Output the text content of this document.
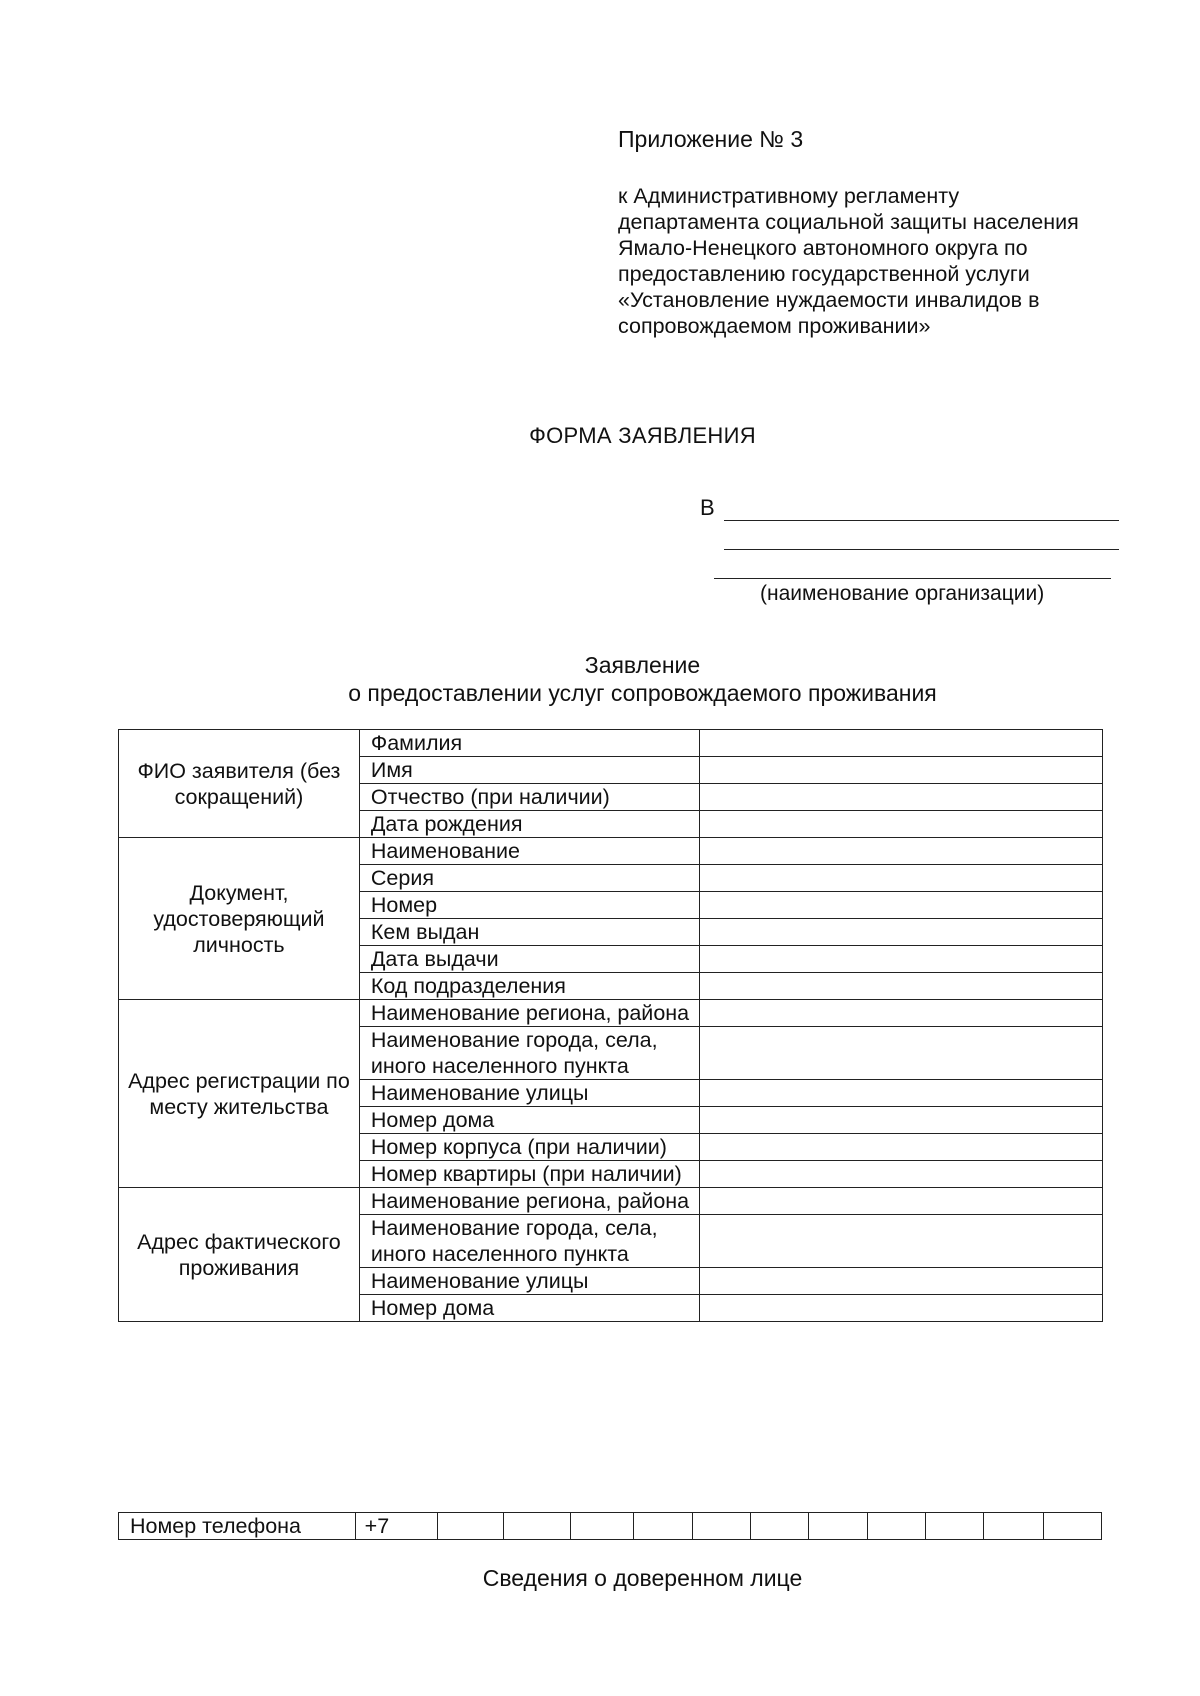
Приложение № 3
к Административному регламенту
департамента социальной защиты населения
Ямало-Ненецкого автономного округа по
предоставлению государственной услуги
«Установление нуждаемости инвалидов в
сопровождаемом проживании»
ФОРМА ЗАЯВЛЕНИЯ
В
(наименование организации)
Заявление
о предоставлении услуг сопровождаемого проживания
ФИО заявителя (без сокращений)	Фамилия	
	Имя	
	Отчество (при наличии)	
	Дата рождения	
Документ, удостоверяющий личность	Наименование	
	Серия	
	Номер	
	Кем выдан	
	Дата выдачи	
	Код подразделения	
Адрес регистрации по месту жительства	Наименование региона, района	
	Наименование города, села, иного населенного пункта	
	Наименование улицы	
	Номер дома	
	Номер корпуса (при наличии)	
	Номер квартиры (при наличии)	
Адрес фактического проживания	Наименование региона, района	
	Наименование города, села, иного населенного пункта	
	Наименование улицы	
	Номер дома	
Номер телефона	+7											
Сведения о доверенном лице
